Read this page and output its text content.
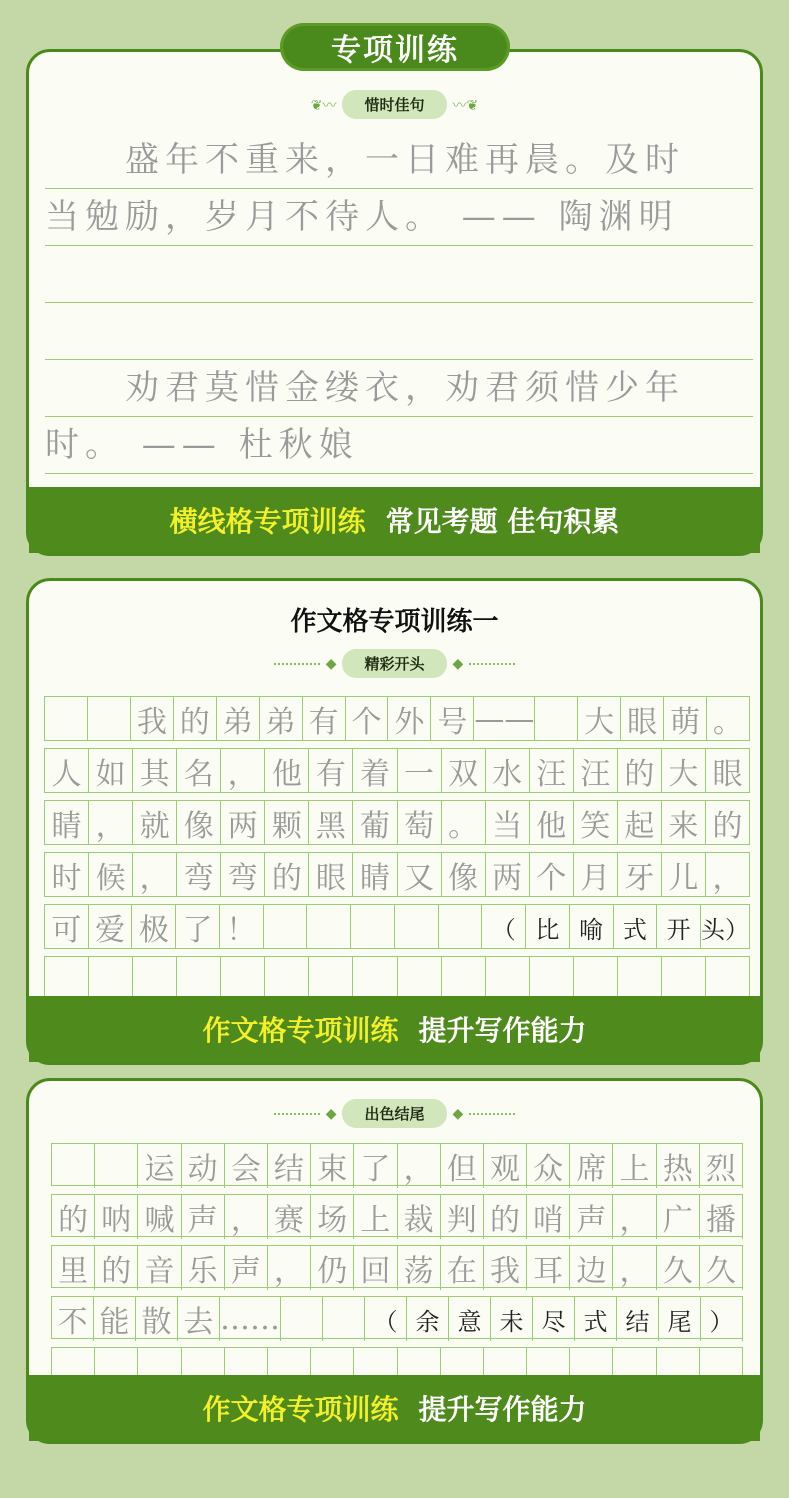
专项训练
❦〰	惜时佳句	〰❦
　　盛年不重来，一日难再晨。及时
当勉励，岁月不待人。 —— 陶渊明
　　劝君莫惜金缕衣，劝君须惜少年
时。 —— 杜秋娘
横线格专项训练 常见考题 佳句积累
作文格专项训练一
◆	精彩开头	◆
我 的 弟 弟 有 个 外 号 —— 大 眼 萌 。
人 如 其 名 ， 他 有 着 一 双 水 汪 汪 的 大 眼
睛 ， 就 像 两 颗 黑 葡 萄 。 当 他 笑 起 来 的
时 候 ， 弯 弯 的 眼 睛 又 像 两 个 月 牙 儿 ，
可 爱 极 了 ！	（ 比 喻 式 开 头）
作文格专项训练 提升写作能力
◆	出色结尾	◆
运 动 会 结 束 了 ， 但 观 众 席 上 热 烈
的 呐 喊 声 ， 赛 场 上 裁 判 的 哨 声 ， 广 播
里 的 音 乐 声 ， 仍 回 荡 在 我 耳 边 ， 久 久
不 能 散 去 ……	（ 余 意 未 尽 式 结 尾 ）
作文格专项训练 提升写作能力
